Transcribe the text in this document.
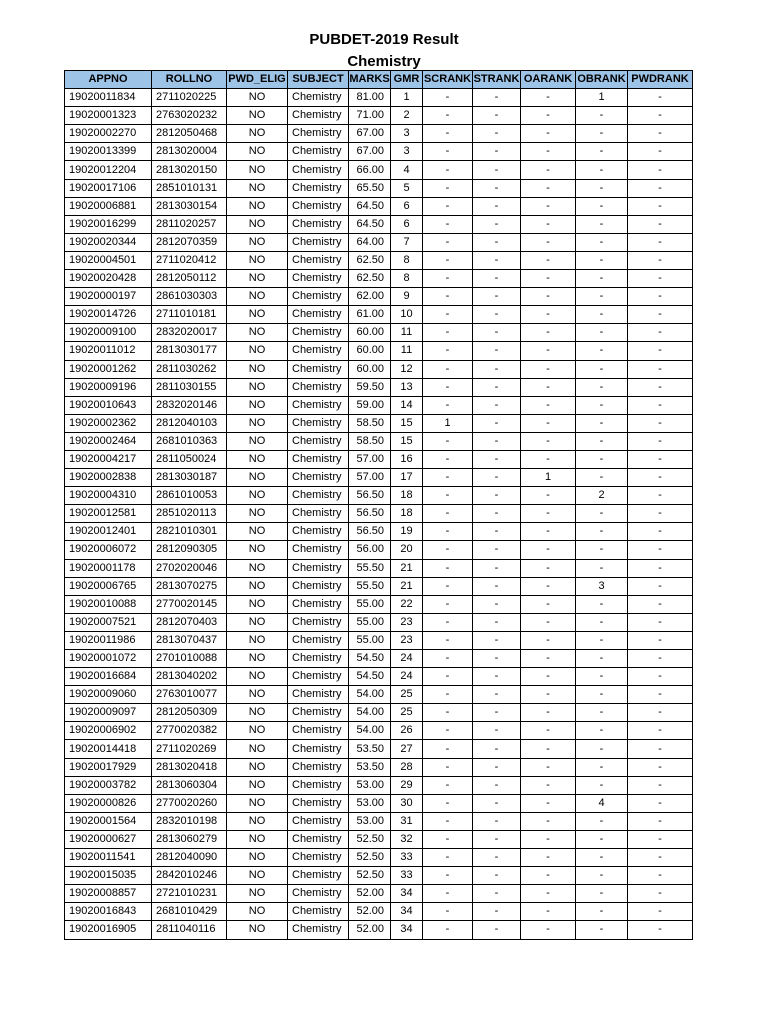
PUBDET-2019 Result
Chemistry
APPNO	ROLLNO	PWD_ELIG	SUBJECT	MARKS	GMR	SCRANK	STRANK	OARANK	OBRANK	PWDRANK
19020011834	2711020225	NO	Chemistry	81.00	1	-	-	-	1	-
19020001323	2763020232	NO	Chemistry	71.00	2	-	-	-	-	-
19020002270	2812050468	NO	Chemistry	67.00	3	-	-	-	-	-
19020013399	2813020004	NO	Chemistry	67.00	3	-	-	-	-	-
19020012204	2813020150	NO	Chemistry	66.00	4	-	-	-	-	-
19020017106	2851010131	NO	Chemistry	65.50	5	-	-	-	-	-
19020006881	2813030154	NO	Chemistry	64.50	6	-	-	-	-	-
19020016299	2811020257	NO	Chemistry	64.50	6	-	-	-	-	-
19020020344	2812070359	NO	Chemistry	64.00	7	-	-	-	-	-
19020004501	2711020412	NO	Chemistry	62.50	8	-	-	-	-	-
19020020428	2812050112	NO	Chemistry	62.50	8	-	-	-	-	-
19020000197	2861030303	NO	Chemistry	62.00	9	-	-	-	-	-
19020014726	2711010181	NO	Chemistry	61.00	10	-	-	-	-	-
19020009100	2832020017	NO	Chemistry	60.00	11	-	-	-	-	-
19020011012	2813030177	NO	Chemistry	60.00	11	-	-	-	-	-
19020001262	2811030262	NO	Chemistry	60.00	12	-	-	-	-	-
19020009196	2811030155	NO	Chemistry	59.50	13	-	-	-	-	-
19020010643	2832020146	NO	Chemistry	59.00	14	-	-	-	-	-
19020002362	2812040103	NO	Chemistry	58.50	15	1	-	-	-	-
19020002464	2681010363	NO	Chemistry	58.50	15	-	-	-	-	-
19020004217	2811050024	NO	Chemistry	57.00	16	-	-	-	-	-
19020002838	2813030187	NO	Chemistry	57.00	17	-	-	1	-	-
19020004310	2861010053	NO	Chemistry	56.50	18	-	-	-	2	-
19020012581	2851020113	NO	Chemistry	56.50	18	-	-	-	-	-
19020012401	2821010301	NO	Chemistry	56.50	19	-	-	-	-	-
19020006072	2812090305	NO	Chemistry	56.00	20	-	-	-	-	-
19020001178	2702020046	NO	Chemistry	55.50	21	-	-	-	-	-
19020006765	2813070275	NO	Chemistry	55.50	21	-	-	-	3	-
19020010088	2770020145	NO	Chemistry	55.00	22	-	-	-	-	-
19020007521	2812070403	NO	Chemistry	55.00	23	-	-	-	-	-
19020011986	2813070437	NO	Chemistry	55.00	23	-	-	-	-	-
19020001072	2701010088	NO	Chemistry	54.50	24	-	-	-	-	-
19020016684	2813040202	NO	Chemistry	54.50	24	-	-	-	-	-
19020009060	2763010077	NO	Chemistry	54.00	25	-	-	-	-	-
19020009097	2812050309	NO	Chemistry	54.00	25	-	-	-	-	-
19020006902	2770020382	NO	Chemistry	54.00	26	-	-	-	-	-
19020014418	2711020269	NO	Chemistry	53.50	27	-	-	-	-	-
19020017929	2813020418	NO	Chemistry	53.50	28	-	-	-	-	-
19020003782	2813060304	NO	Chemistry	53.00	29	-	-	-	-	-
19020000826	2770020260	NO	Chemistry	53.00	30	-	-	-	4	-
19020001564	2832010198	NO	Chemistry	53.00	31	-	-	-	-	-
19020000627	2813060279	NO	Chemistry	52.50	32	-	-	-	-	-
19020011541	2812040090	NO	Chemistry	52.50	33	-	-	-	-	-
19020015035	2842010246	NO	Chemistry	52.50	33	-	-	-	-	-
19020008857	2721010231	NO	Chemistry	52.00	34	-	-	-	-	-
19020016843	2681010429	NO	Chemistry	52.00	34	-	-	-	-	-
19020016905	2811040116	NO	Chemistry	52.00	34	-	-	-	-	-
